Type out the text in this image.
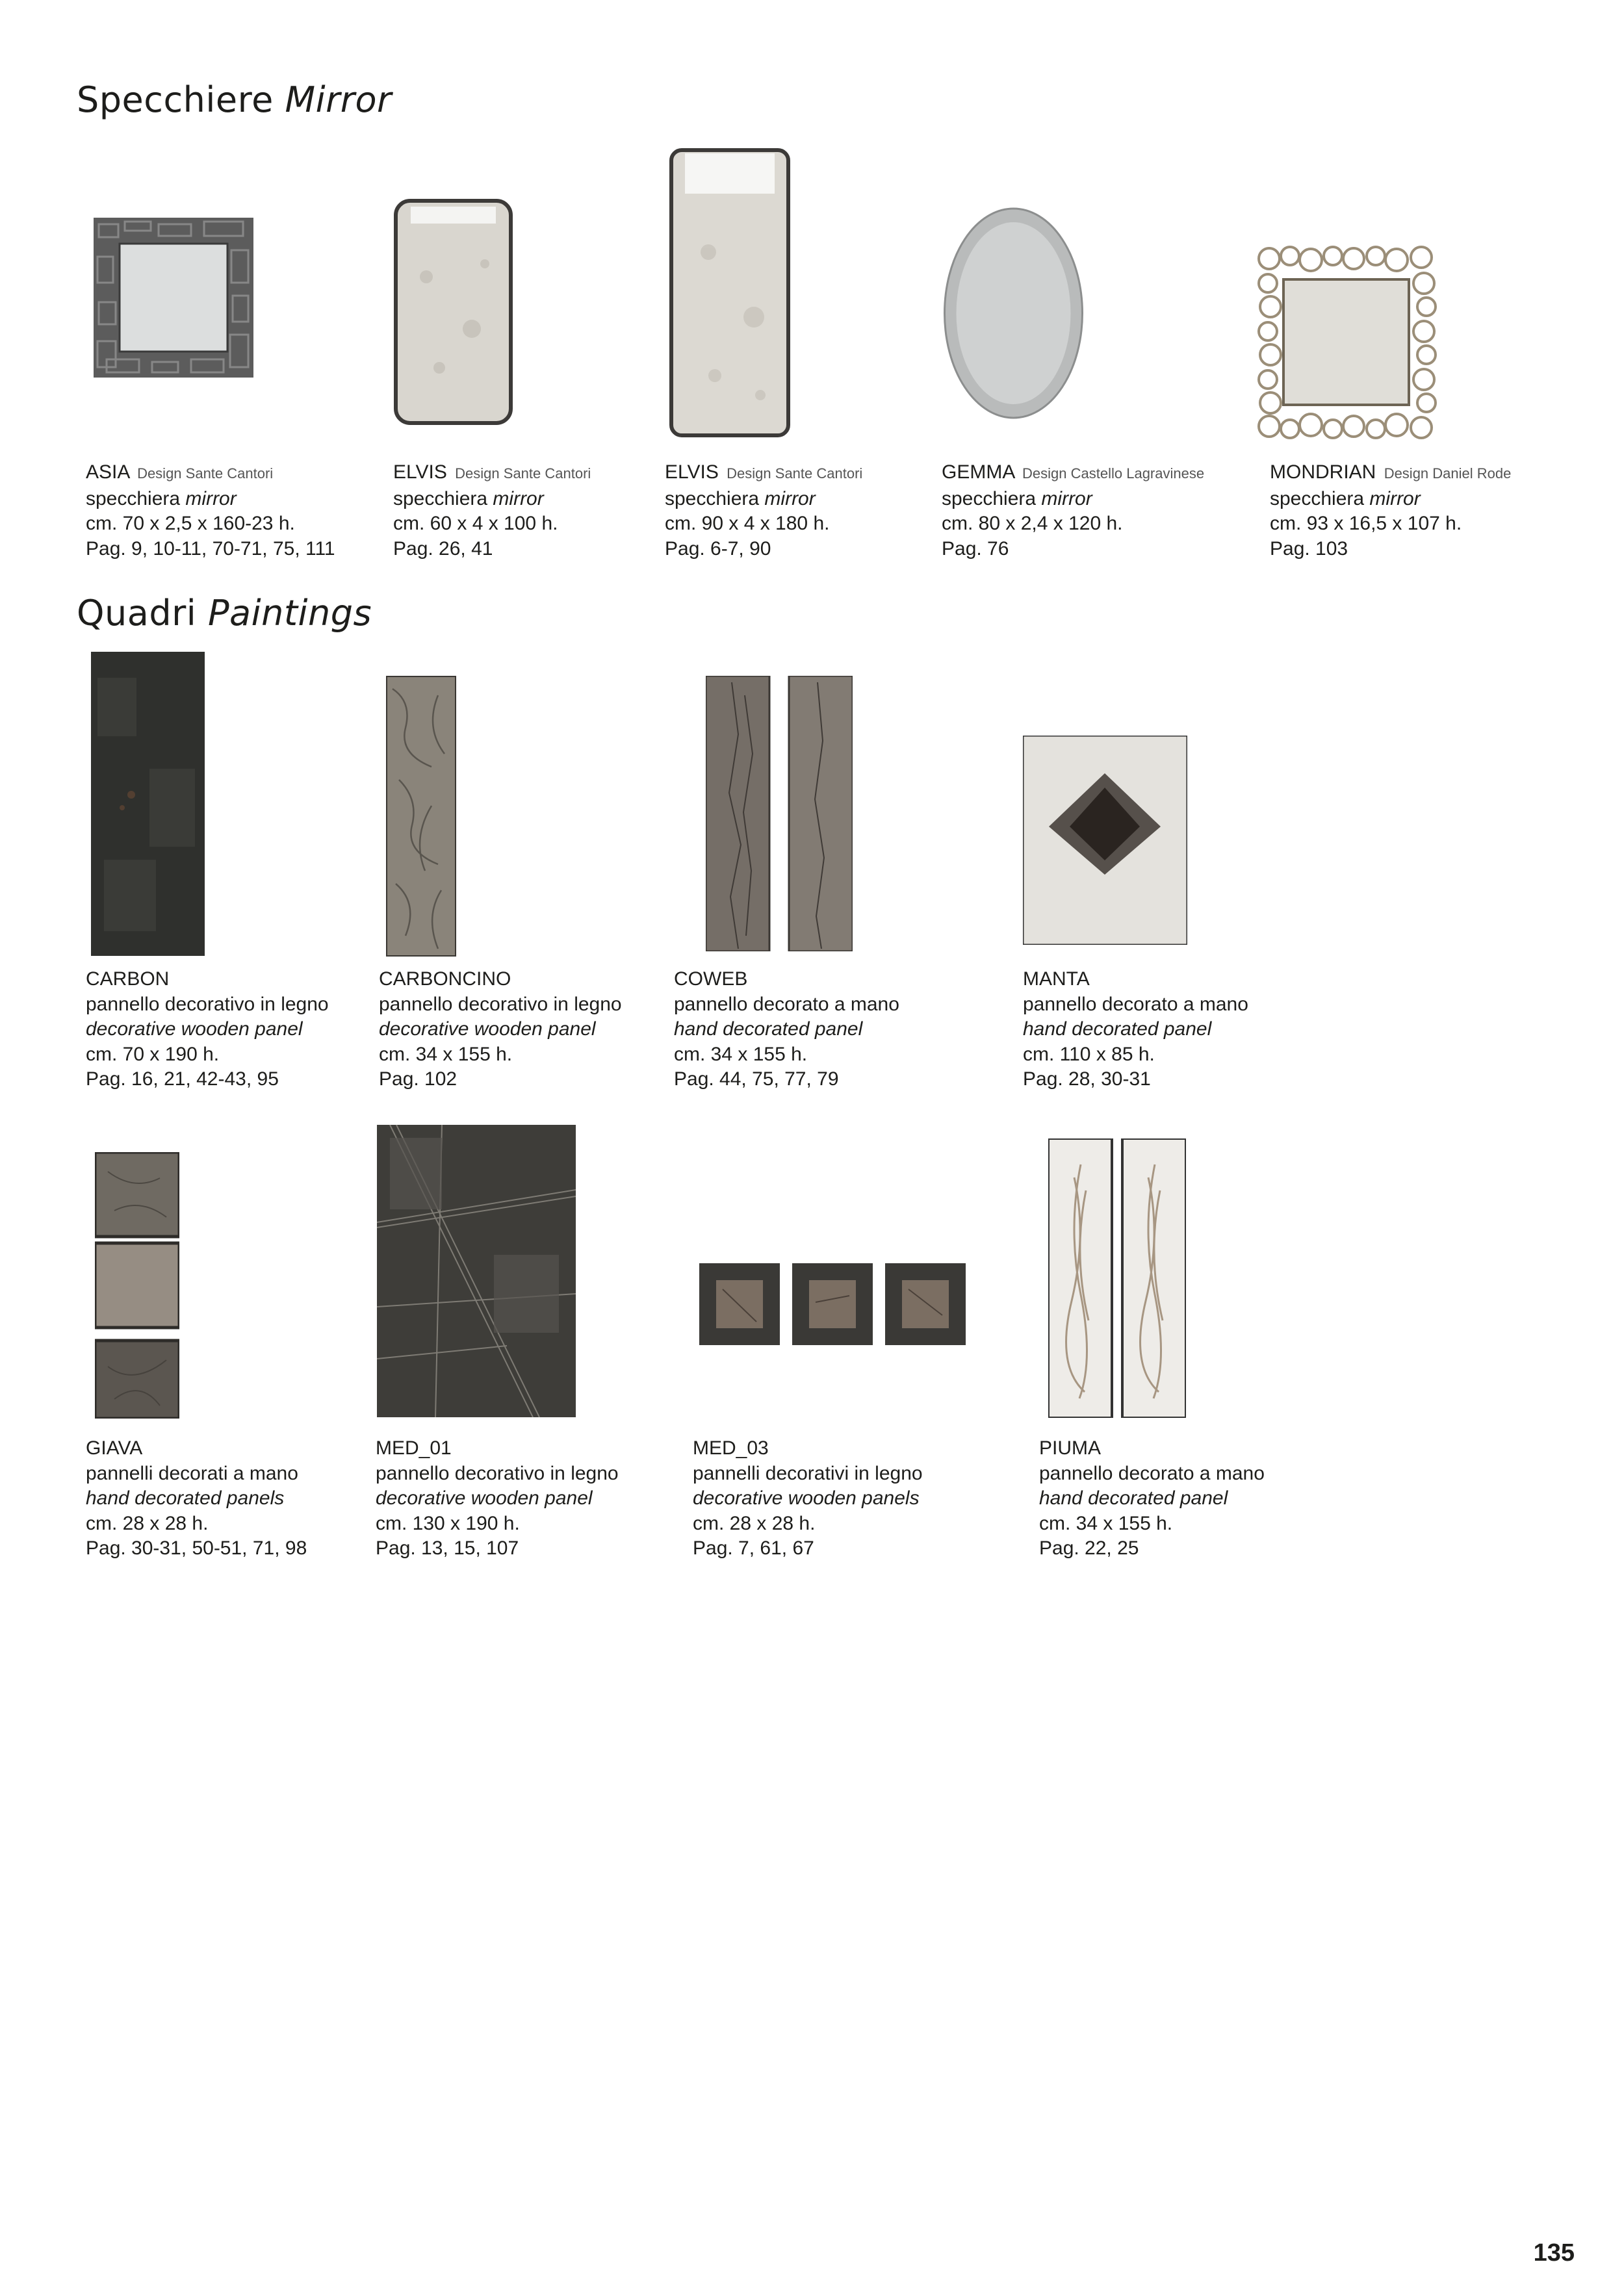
Specchiere Mirror
ASIA Design Sante Cantori
specchiera mirror
cm. 70 x 2,5 x 160-23 h.
Pag. 9, 10-11, 70-71, 75, 111
ELVIS Design Sante Cantori
specchiera mirror
cm. 60 x 4 x 100 h.
Pag. 26, 41
ELVIS Design Sante Cantori
specchiera mirror
cm. 90 x 4 x 180 h.
Pag. 6-7, 90
GEMMA Design Castello Lagravinese
specchiera mirror
cm. 80 x 2,4 x 120 h.
Pag. 76
MONDRIAN Design Daniel Rode
specchiera mirror
cm. 93 x 16,5 x 107 h.
Pag. 103
Quadri Paintings
CARBON
pannello decorativo in legno
decorative wooden panel
cm. 70 x 190 h.
Pag. 16, 21, 42-43, 95
CARBONCINO
pannello decorativo in legno
decorative wooden panel
cm. 34 x 155 h.
Pag. 102
COWEB
pannello decorato a mano
hand decorated panel
cm. 34 x 155 h.
Pag. 44, 75, 77, 79
MANTA
pannello decorato a mano
hand decorated panel
cm. 110 x 85 h.
Pag. 28, 30-31
GIAVA
pannelli decorati a mano
hand decorated panels
cm. 28 x 28 h.
Pag. 30-31, 50-51, 71, 98
MED_01
pannello decorativo in legno
decorative wooden panel
cm. 130 x 190 h.
Pag. 13, 15, 107
MED_03
pannelli decorativi in legno
decorative wooden panels
cm. 28 x 28 h.
Pag. 7, 61, 67
PIUMA
pannello decorato a mano
hand decorated panel
cm. 34 x 155 h.
Pag. 22, 25
135
